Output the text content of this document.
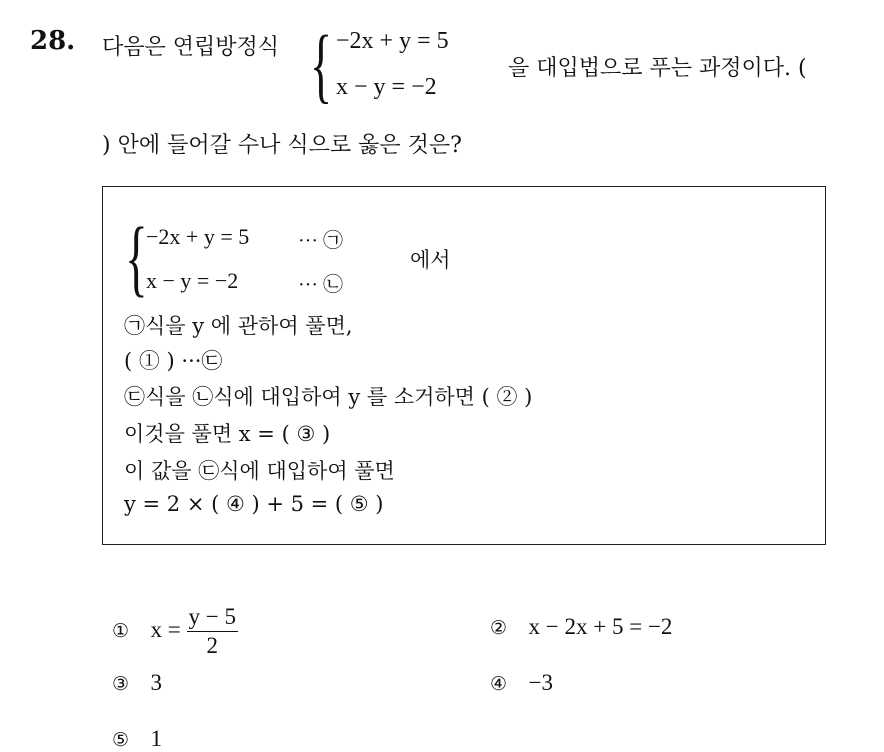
28. 다음은 연립방정식 { −2x + y = 5
x − y = −2
을 대입법으로 푸는 과정이다. (
) 안에 들어갈 수나 식으로 옳은 것은?
{
−2x + y = 5 ··· ㉠
x − y = −2	··· ㉡
에서
㉠식을 y 에 관하여 풀면,
( ① ) ···㉢
㉢식을 ㉡식에 대입하여 y 를 소거하면 ( ② )
이것을 풀면 x = ( ③ )
이 값을 ㉢식에 대입하여 풀면
y = 2 × ( ④ ) + 5 = ( ⑤ )
① $x = \frac{y - 5}{2}$	② x − 2x + 5 = −2
③ 3	④ −3
⑤ 1
